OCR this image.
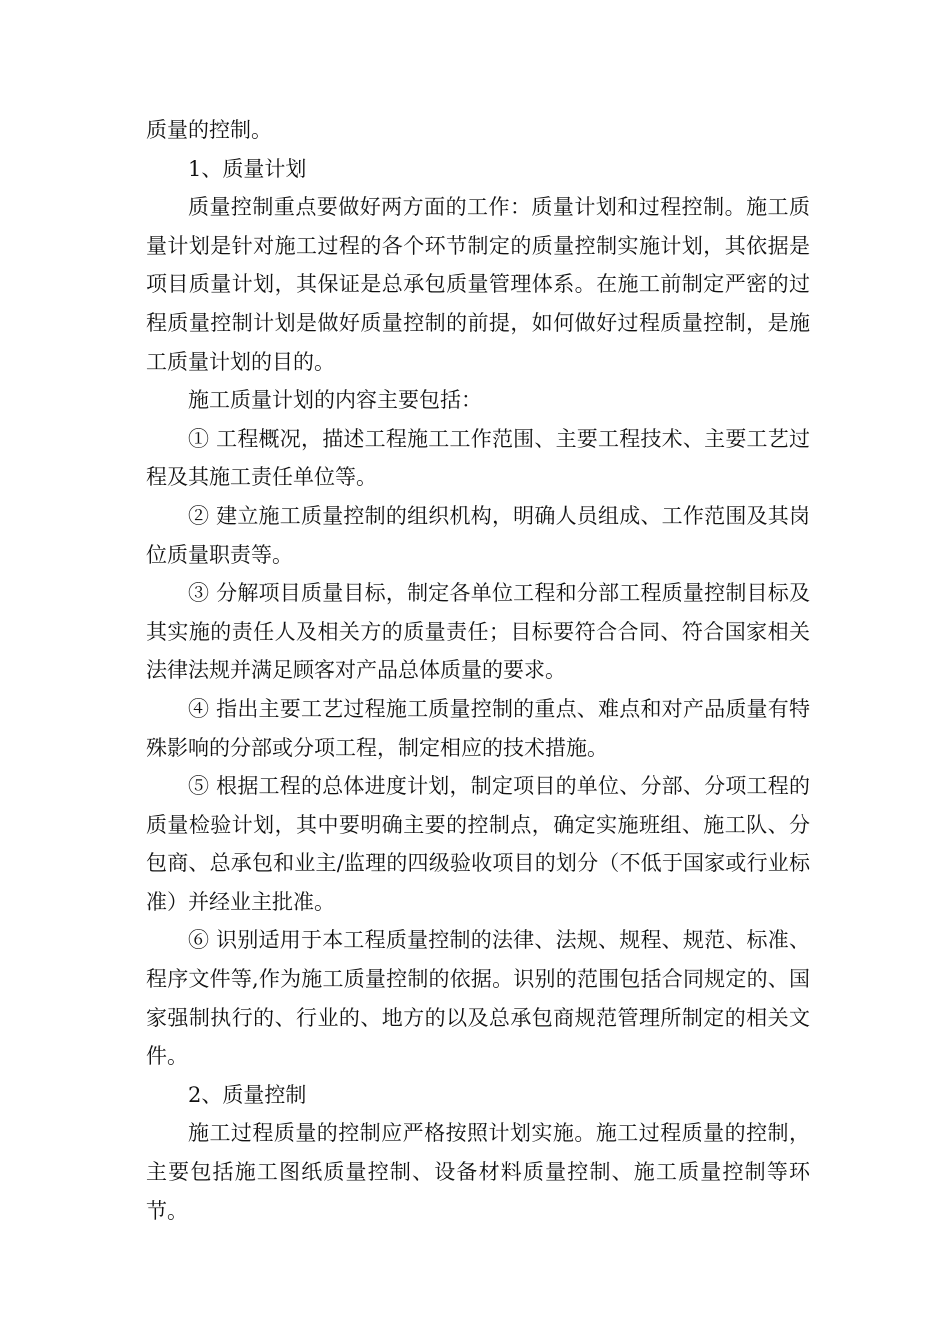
质量的控制。

1、质量计划

质量控制重点要做好两方面的工作：质量计划和过程控制。施工质量计划是针对施工过程的各个环节制定的质量控制实施计划，其依据是项目质量计划，其保证是总承包质量管理体系。在施工前制定严密的过程质量控制计划是做好质量控制的前提，如何做好过程质量控制，是施工质量计划的目的。

施工质量计划的内容主要包括：

① 工程概况，描述工程施工工作范围、主要工程技术、主要工艺过程及其施工责任单位等。

② 建立施工质量控制的组织机构，明确人员组成、工作范围及其岗位质量职责等。

③ 分解项目质量目标，制定各单位工程和分部工程质量控制目标及其实施的责任人及相关方的质量责任；目标要符合合同、符合国家相关法律法规并满足顾客对产品总体质量的要求。

④ 指出主要工艺过程施工质量控制的重点、难点和对产品质量有特殊影响的分部或分项工程，制定相应的技术措施。

⑤ 根据工程的总体进度计划，制定项目的单位、分部、分项工程的质量检验计划，其中要明确主要的控制点，确定实施班组、施工队、分包商、总承包和业主/监理的四级验收项目的划分（不低于国家或行业标准）并经业主批准。

⑥ 识别适用于本工程质量控制的法律、法规、规程、规范、标准、程序文件等,作为施工质量控制的依据。识别的范围包括合同规定的、国家强制执行的、行业的、地方的以及总承包商规范管理所制定的相关文件。

2、质量控制

施工过程质量的控制应严格按照计划实施。施工过程质量的控制，主要包括施工图纸质量控制、设备材料质量控制、施工质量控制等环节。
